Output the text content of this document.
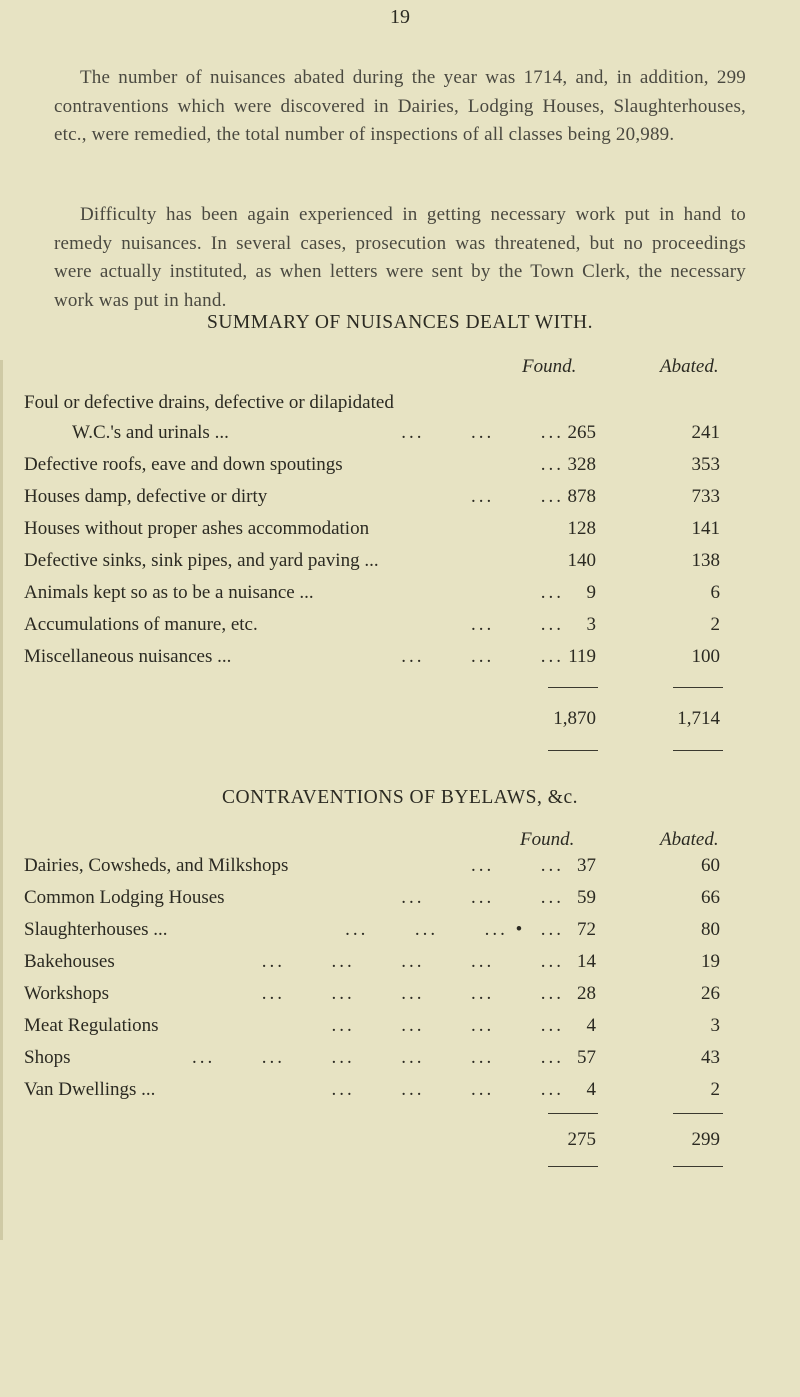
19

The number of nuisances abated during the year was 1714, and, in addition, 299 contraventions which were discovered in Dairies, Lodging Houses, Slaughterhouses, etc., were remedied, the total number of inspections of all classes being 20,989.

Difficulty has been again experienced in getting necessary work put in hand to remedy nuisances. In several cases, prosecution was threatened, but no proceedings were actually instituted, as when letters were sent by the Town Clerk, the necessary work was put in hand.

SUMMARY OF NUISANCES DEALT WITH.
Found.	Abated.
Foul or defective drains, defective or dilapidated
W.C.'s and urinals ...	...      ...      ... 265	241
Defective roofs, eave and down spoutings	... 328	353
Houses damp, defective or dirty	...      ... 878	733
Houses without proper ashes accommodation	128	141
Defective sinks, sink pipes, and yard paving ...	140	138
Animals kept so as to be a nuisance ...	... 9	6
Accumulations of manure, etc.	...      ... 3	2
Miscellaneous nuisances ...	...      ...      ... 119	100
1,870	1,714
CONTRAVENTIONS OF BYELAWS, &c.
Found.	Abated.
Dairies, Cowsheds, and Milkshops	...      ... 37	60
Common Lodging Houses	...      ...      ... 59	66
Slaughterhouses ...	...      ...      ... •  ... 72	80
Bakehouses	...      ...      ...      ...      ... 14	19
Workshops	...      ...      ...      ...      ... 28	26
Meat Regulations	...      ...      ...      ... 4	3
Shops	...      ...      ...      ...      ...      ... 57	43
Van Dwellings ...	...      ...      ...      ... 4	2
275	299
